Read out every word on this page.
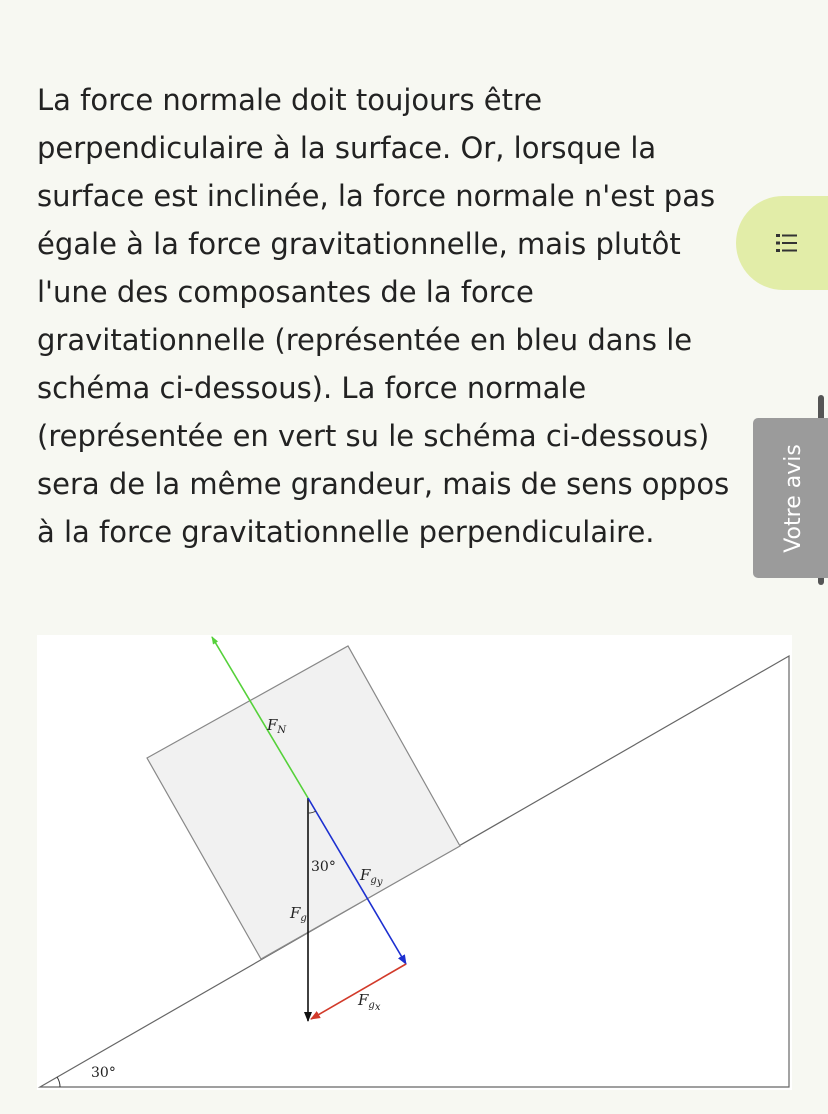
La force normale doit toujours être
perpendiculaire à la surface. Or, lorsque la
surface est inclinée, la force normale n'est pas
égale à la force gravitationnelle, mais plutôt
l'une des composantes de la force
gravitationnelle (représentée en bleu dans le
schéma ci-dessous). La force normale
(représentée en vert su le schéma ci-dessous)
sera de la même grandeur, mais de sens oppos
à la force gravitationnelle perpendiculaire.	Votre avis
$F_N$
$F_g$
$F_gy$
$F_gx$
30°
30°
